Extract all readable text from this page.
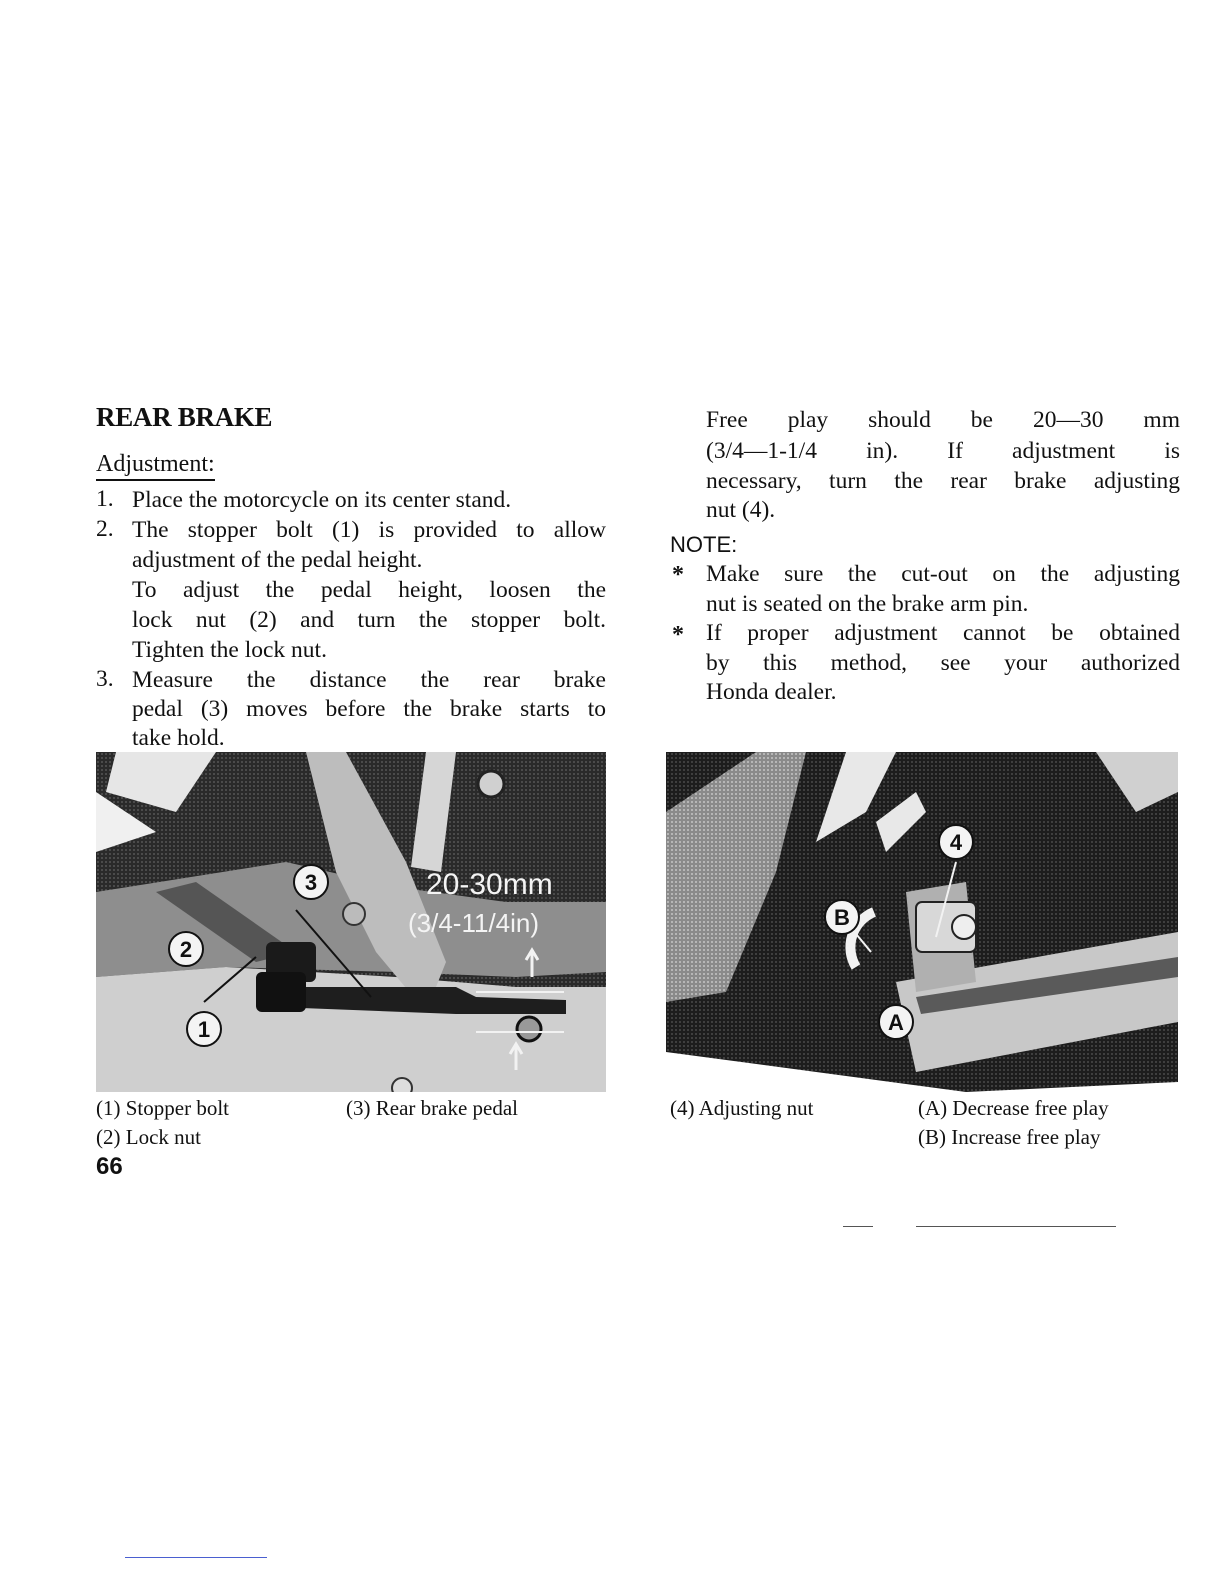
REAR BRAKE
Adjustment:
1. Place the motorcycle on its center stand.
2. The stopper bolt (1) is provided to allow
adjustment of the pedal height.
To adjust the pedal height, loosen the
lock nut (2) and turn the stopper bolt.
Tighten the lock nut.
3. Measure the distance the rear brake
pedal (3) moves before the brake starts to
take hold.
20-30mm
(3/4-11/4in)
3
2
1
(1) Stopper bolt	(3) Rear brake pedal
(2) Lock nut
66
Free play should be 20—30 mm
(3/4—1-1/4 in). If adjustment is
necessary, turn the rear brake adjusting
nut (4).
NOTE:
* Make sure the cut-out on the adjusting
nut is seated on the brake arm pin.
* If proper adjustment cannot be obtained
by this method, see your authorized
Honda dealer.
4
B
A
(4) Adjusting nut	(A) Decrease free play
(B) Increase free play
